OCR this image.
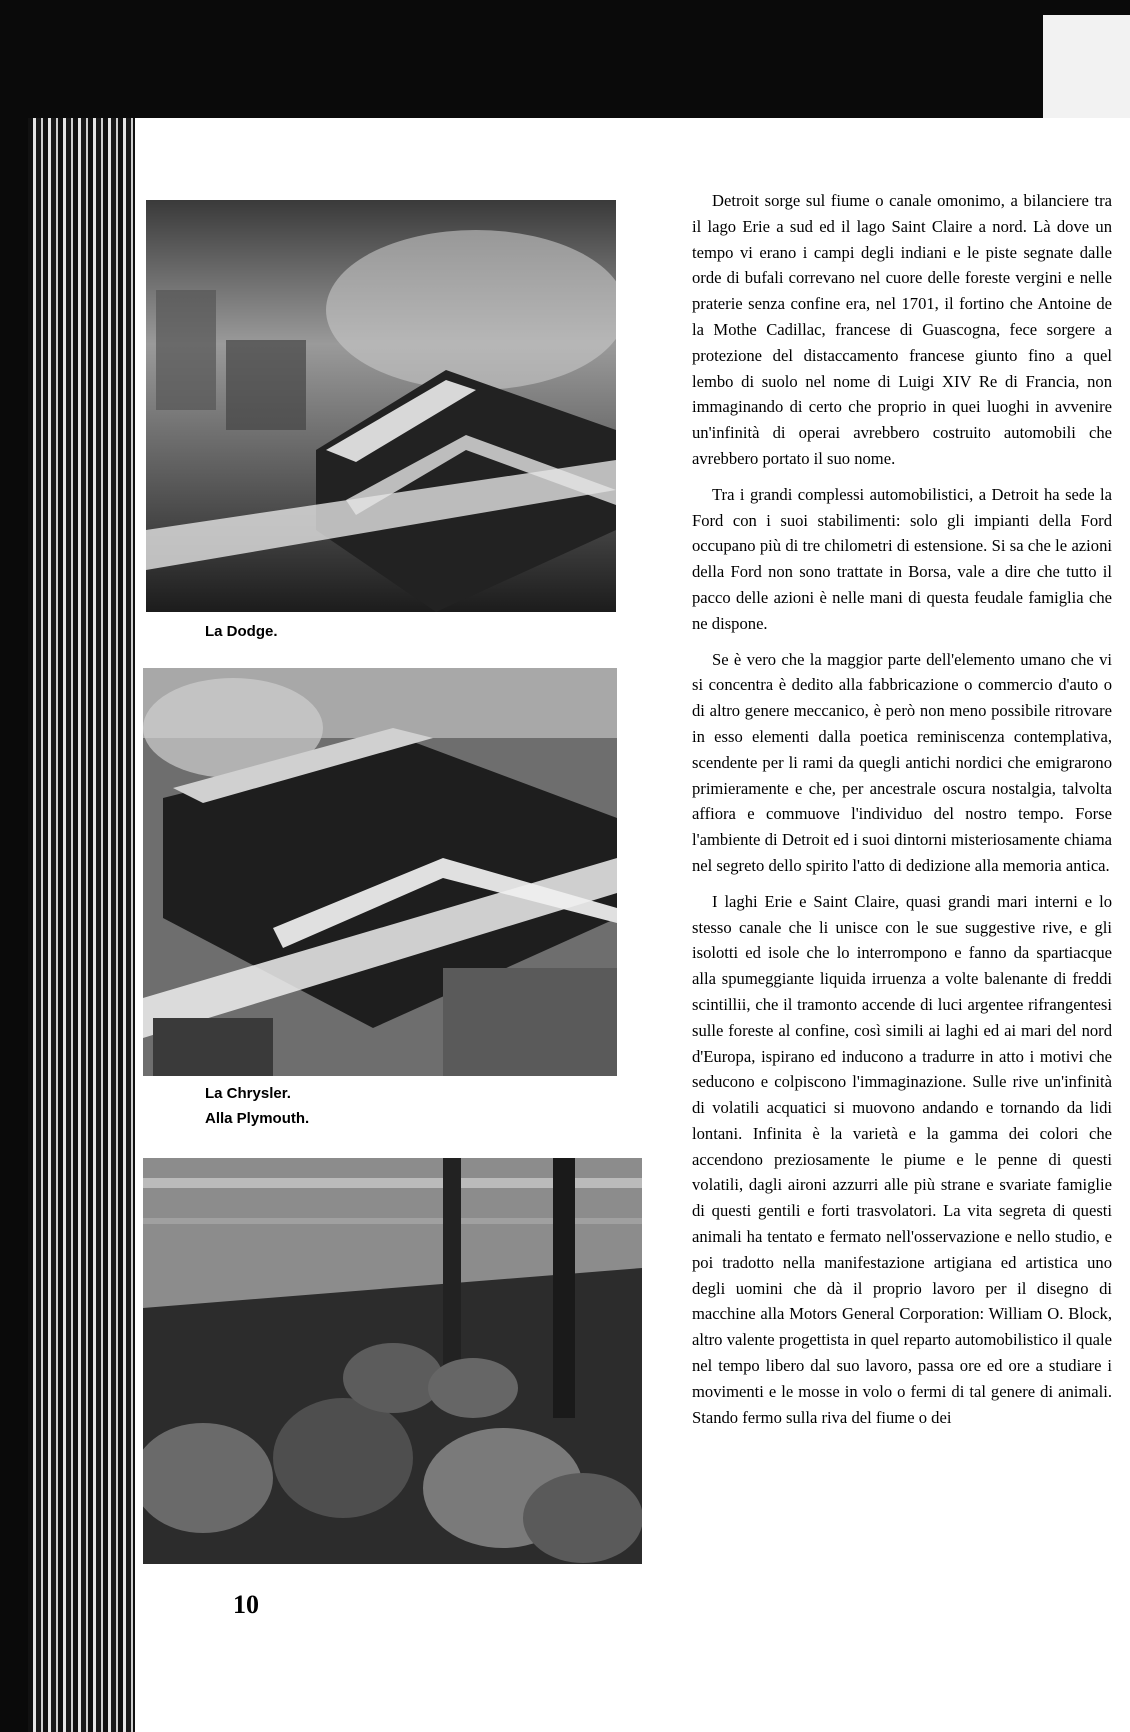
La Dodge.
La Chrysler.
Alla Plymouth.
10

Detroit sorge sul fiume o canale omonimo, a bilanciere tra il lago Erie a sud ed il lago Saint Claire a nord. Là dove un tempo vi erano i campi degli indiani e le piste segnate dalle orde di bufali correvano nel cuore delle foreste vergini e nelle praterie senza confine era, nel 1701, il fortino che Antoine de la Mothe Cadillac, francese di Guascogna, fece sorgere a protezione del distaccamento francese giunto fino a quel lembo di suolo nel nome di Luigi XIV Re di Francia, non immaginando di certo che proprio in quei luoghi in avvenire un'infinità di operai avrebbero costruito automobili che avrebbero portato il suo nome.

Tra i grandi complessi automobilistici, a Detroit ha sede la Ford con i suoi stabilimenti: solo gli impianti della Ford occupano più di tre chilometri di estensione. Si sa che le azioni della Ford non sono trattate in Borsa, vale a dire che tutto il pacco delle azioni è nelle mani di questa feudale famiglia che ne dispone.

Se è vero che la maggior parte dell'elemento umano che vi si concentra è dedito alla fabbricazione o commercio d'auto o di altro genere meccanico, è però non meno possibile ritrovare in esso elementi dalla poetica reminiscenza contemplativa, scendente per li rami da quegli antichi nordici che emigrarono primieramente e che, per ancestrale oscura nostalgia, talvolta affiora e commuove l'individuo del nostro tempo. Forse l'ambiente di Detroit ed i suoi dintorni misteriosamente chiama nel segreto dello spirito l'atto di dedizione alla memoria antica.

I laghi Erie e Saint Claire, quasi grandi mari interni e lo stesso canale che li unisce con le sue suggestive rive, e gli isolotti ed isole che lo interrompono e fanno da spartiacque alla spumeggiante liquida irruenza a volte balenante di freddi scintillii, che il tramonto accende di luci argentee rifrangentesi sulle foreste al confine, così simili ai laghi ed ai mari del nord d'Europa, ispirano ed inducono a tradurre in atto i motivi che seducono e colpiscono l'immaginazione. Sulle rive un'infinità di volatili acquatici si muovono andando e tornando da lidi lontani. Infinita è la varietà e la gamma dei colori che accendono preziosamente le piume e le penne di questi volatili, dagli aironi azzurri alle più strane e svariate famiglie di questi gentili e forti trasvolatori. La vita segreta di questi animali ha tentato e fermato nell'osservazione e nello studio, e poi tradotto nella manifestazione artigiana ed artistica uno degli uomini che dà il proprio lavoro per il disegno di macchine alla Motors General Corporation: William O. Block, altro valente progettista in quel reparto automobilistico il quale nel tempo libero dal suo lavoro, passa ore ed ore a studiare i movimenti e le mosse in volo o fermi di tal genere di animali. Stando fermo sulla riva del fiume o dei
